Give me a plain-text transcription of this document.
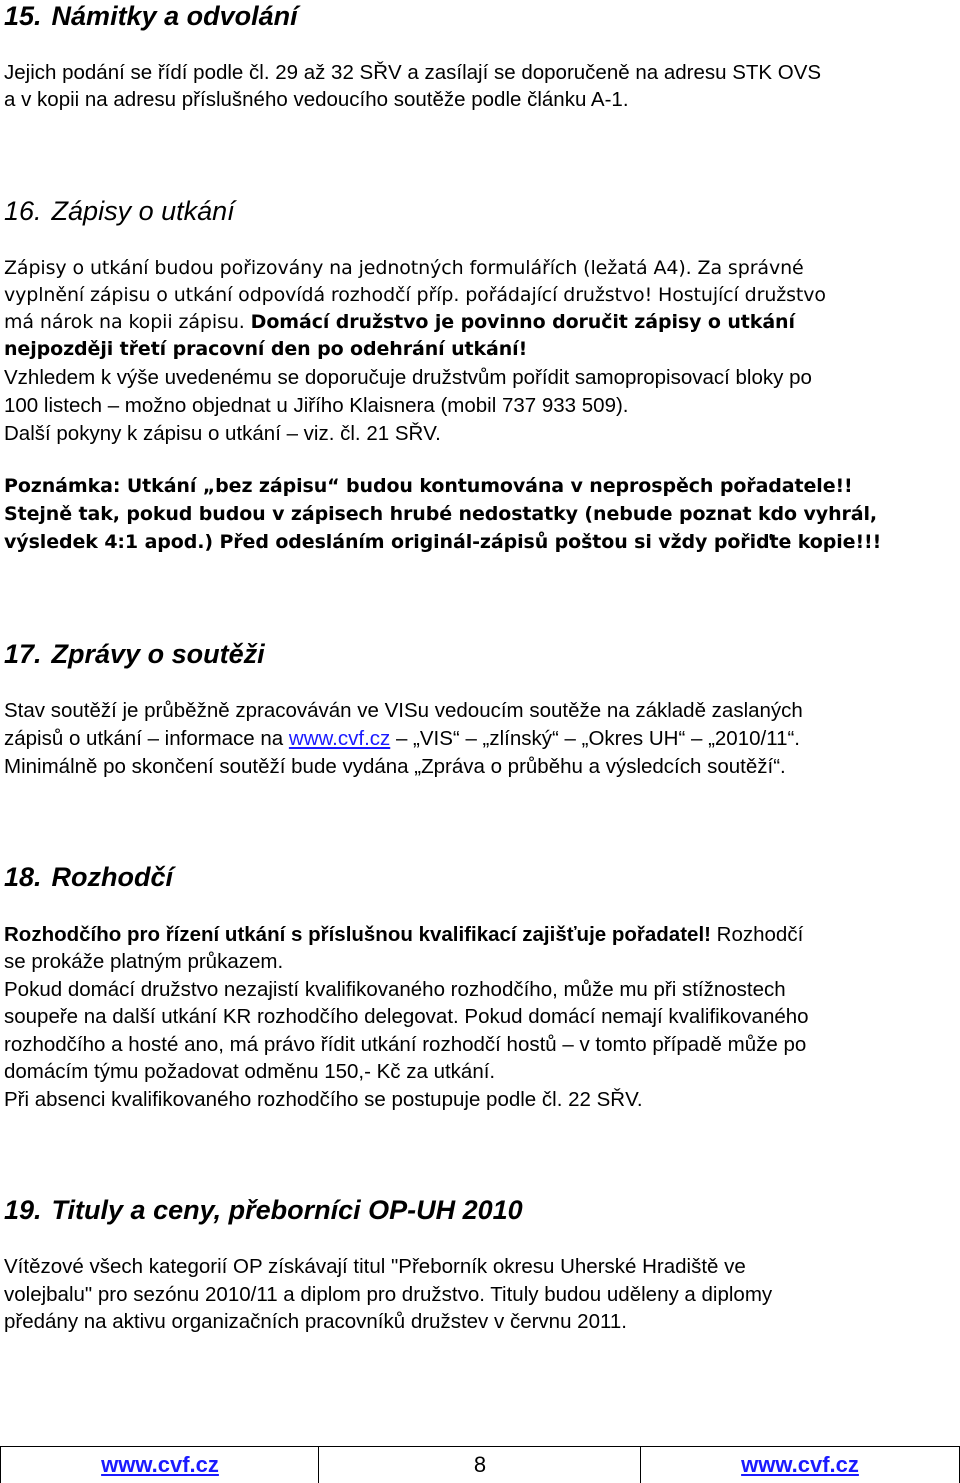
15. Námitky a odvolání
Jejich podání se řídí podle čl. 29 až 32 SŘV a zasílají se doporučeně na adresu STK OVS
a v kopii na adresu příslušného vedoucího soutěže podle článku A-1.
16. Zápisy o utkání
Zápisy o utkání budou pořizovány na jednotných formulářích (ležatá A4). Za správné
vyplnění zápisu o utkání odpovídá rozhodčí příp. pořádající družstvo! Hostující družstvo
má nárok na kopii zápisu. Domácí družstvo je povinno doručit zápisy o utkání
nejpozději třetí pracovní den po odehrání utkání!
Vzhledem k výše uvedenému se doporučuje družstvům pořídit samopropisovací bloky po
100 listech – možno objednat u Jiřího Klaisnera (mobil 737 933 509).
Další pokyny k zápisu o utkání – viz. čl. 21 SŘV.
Poznámka: Utkání „bez zápisu“ budou kontumována v neprospěch pořadatele!!
Stejně tak, pokud budou v zápisech hrubé nedostatky (nebude poznat kdo vyhrál,
výsledek 4:1 apod.) Před odesláním originál-zápisů poštou si vždy pořiďte kopie!!!
17. Zprávy o soutěži
Stav soutěží je průběžně zpracováván ve VISu vedoucím soutěže na základě zaslaných
zápisů o utkání – informace na www.cvf.cz – „VIS“ – „zlínský“ – „Okres UH“ – „2010/11“.
Minimálně po skončení soutěží bude vydána „Zpráva o průběhu a výsledcích soutěží“.
18. Rozhodčí
Rozhodčího pro řízení utkání s příslušnou kvalifikací zajišťuje pořadatel! Rozhodčí
se prokáže platným průkazem.
Pokud domácí družstvo nezajistí kvalifikovaného rozhodčího, může mu při stížnostech
soupeře na další utkání KR rozhodčího delegovat. Pokud domácí nemají kvalifikovaného
rozhodčího a hosté ano, má právo řídit utkání rozhodčí hostů – v tomto případě může po
domácím týmu požadovat odměnu 150,- Kč za utkání.
Při absenci kvalifikovaného rozhodčího se postupuje podle čl. 22 SŘV.
19. Tituly a ceny, přeborníci OP-UH 2010
Vítězové všech kategorií OP získávají titul "Přeborník okresu Uherské Hradiště ve
volejbalu" pro sezónu 2010/11 a diplom pro družstvo. Tituly budou uděleny a diplomy
předány na aktivu organizačních pracovníků družstev v červnu 2011.
www.cvf.cz	8	www.cvf.cz
